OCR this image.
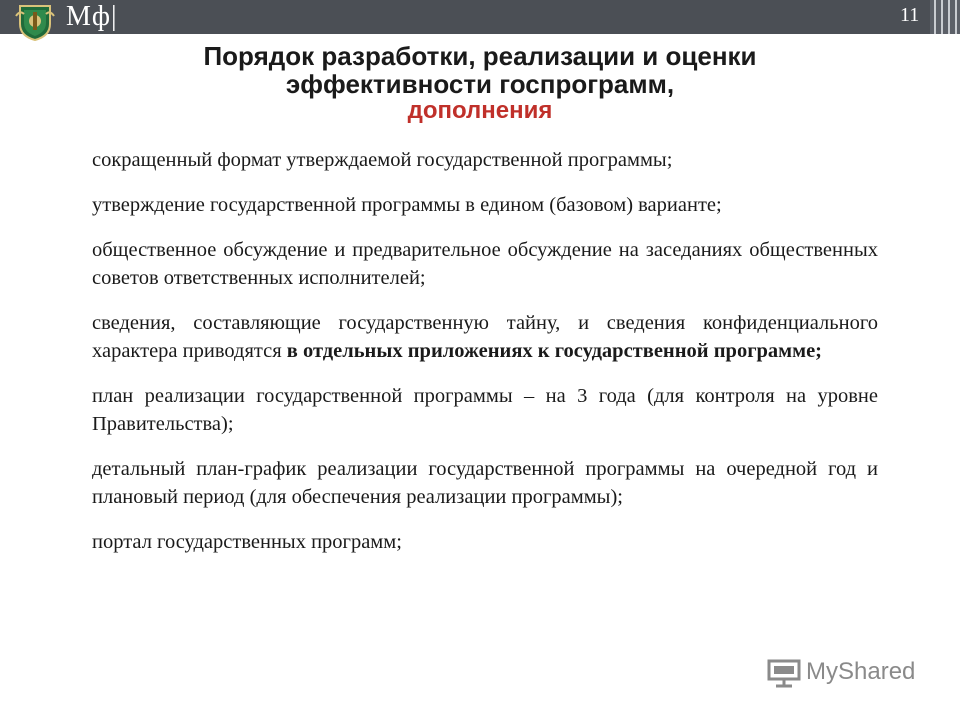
Мф|	11

Порядок разработки, реализации и оценки

эффективности госпрограмм,

дополнения

сокращенный формат утверждаемой государственной программы;

утверждение государственной программы в едином (базовом) варианте;

общественное обсуждение и предварительное обсуждение на заседаниях общественных советов ответственных исполнителей;

сведения, составляющие государственную тайну, и сведения конфиденциального характера приводятся в отдельных приложениях к государственной программе;

план реализации государственной программы – на 3 года (для контроля на уровне Правительства);

детальный план-график реализации государственной программы на очередной год и плановый период (для обеспечения реализации программы);

портал государственных программ;

MyShared
